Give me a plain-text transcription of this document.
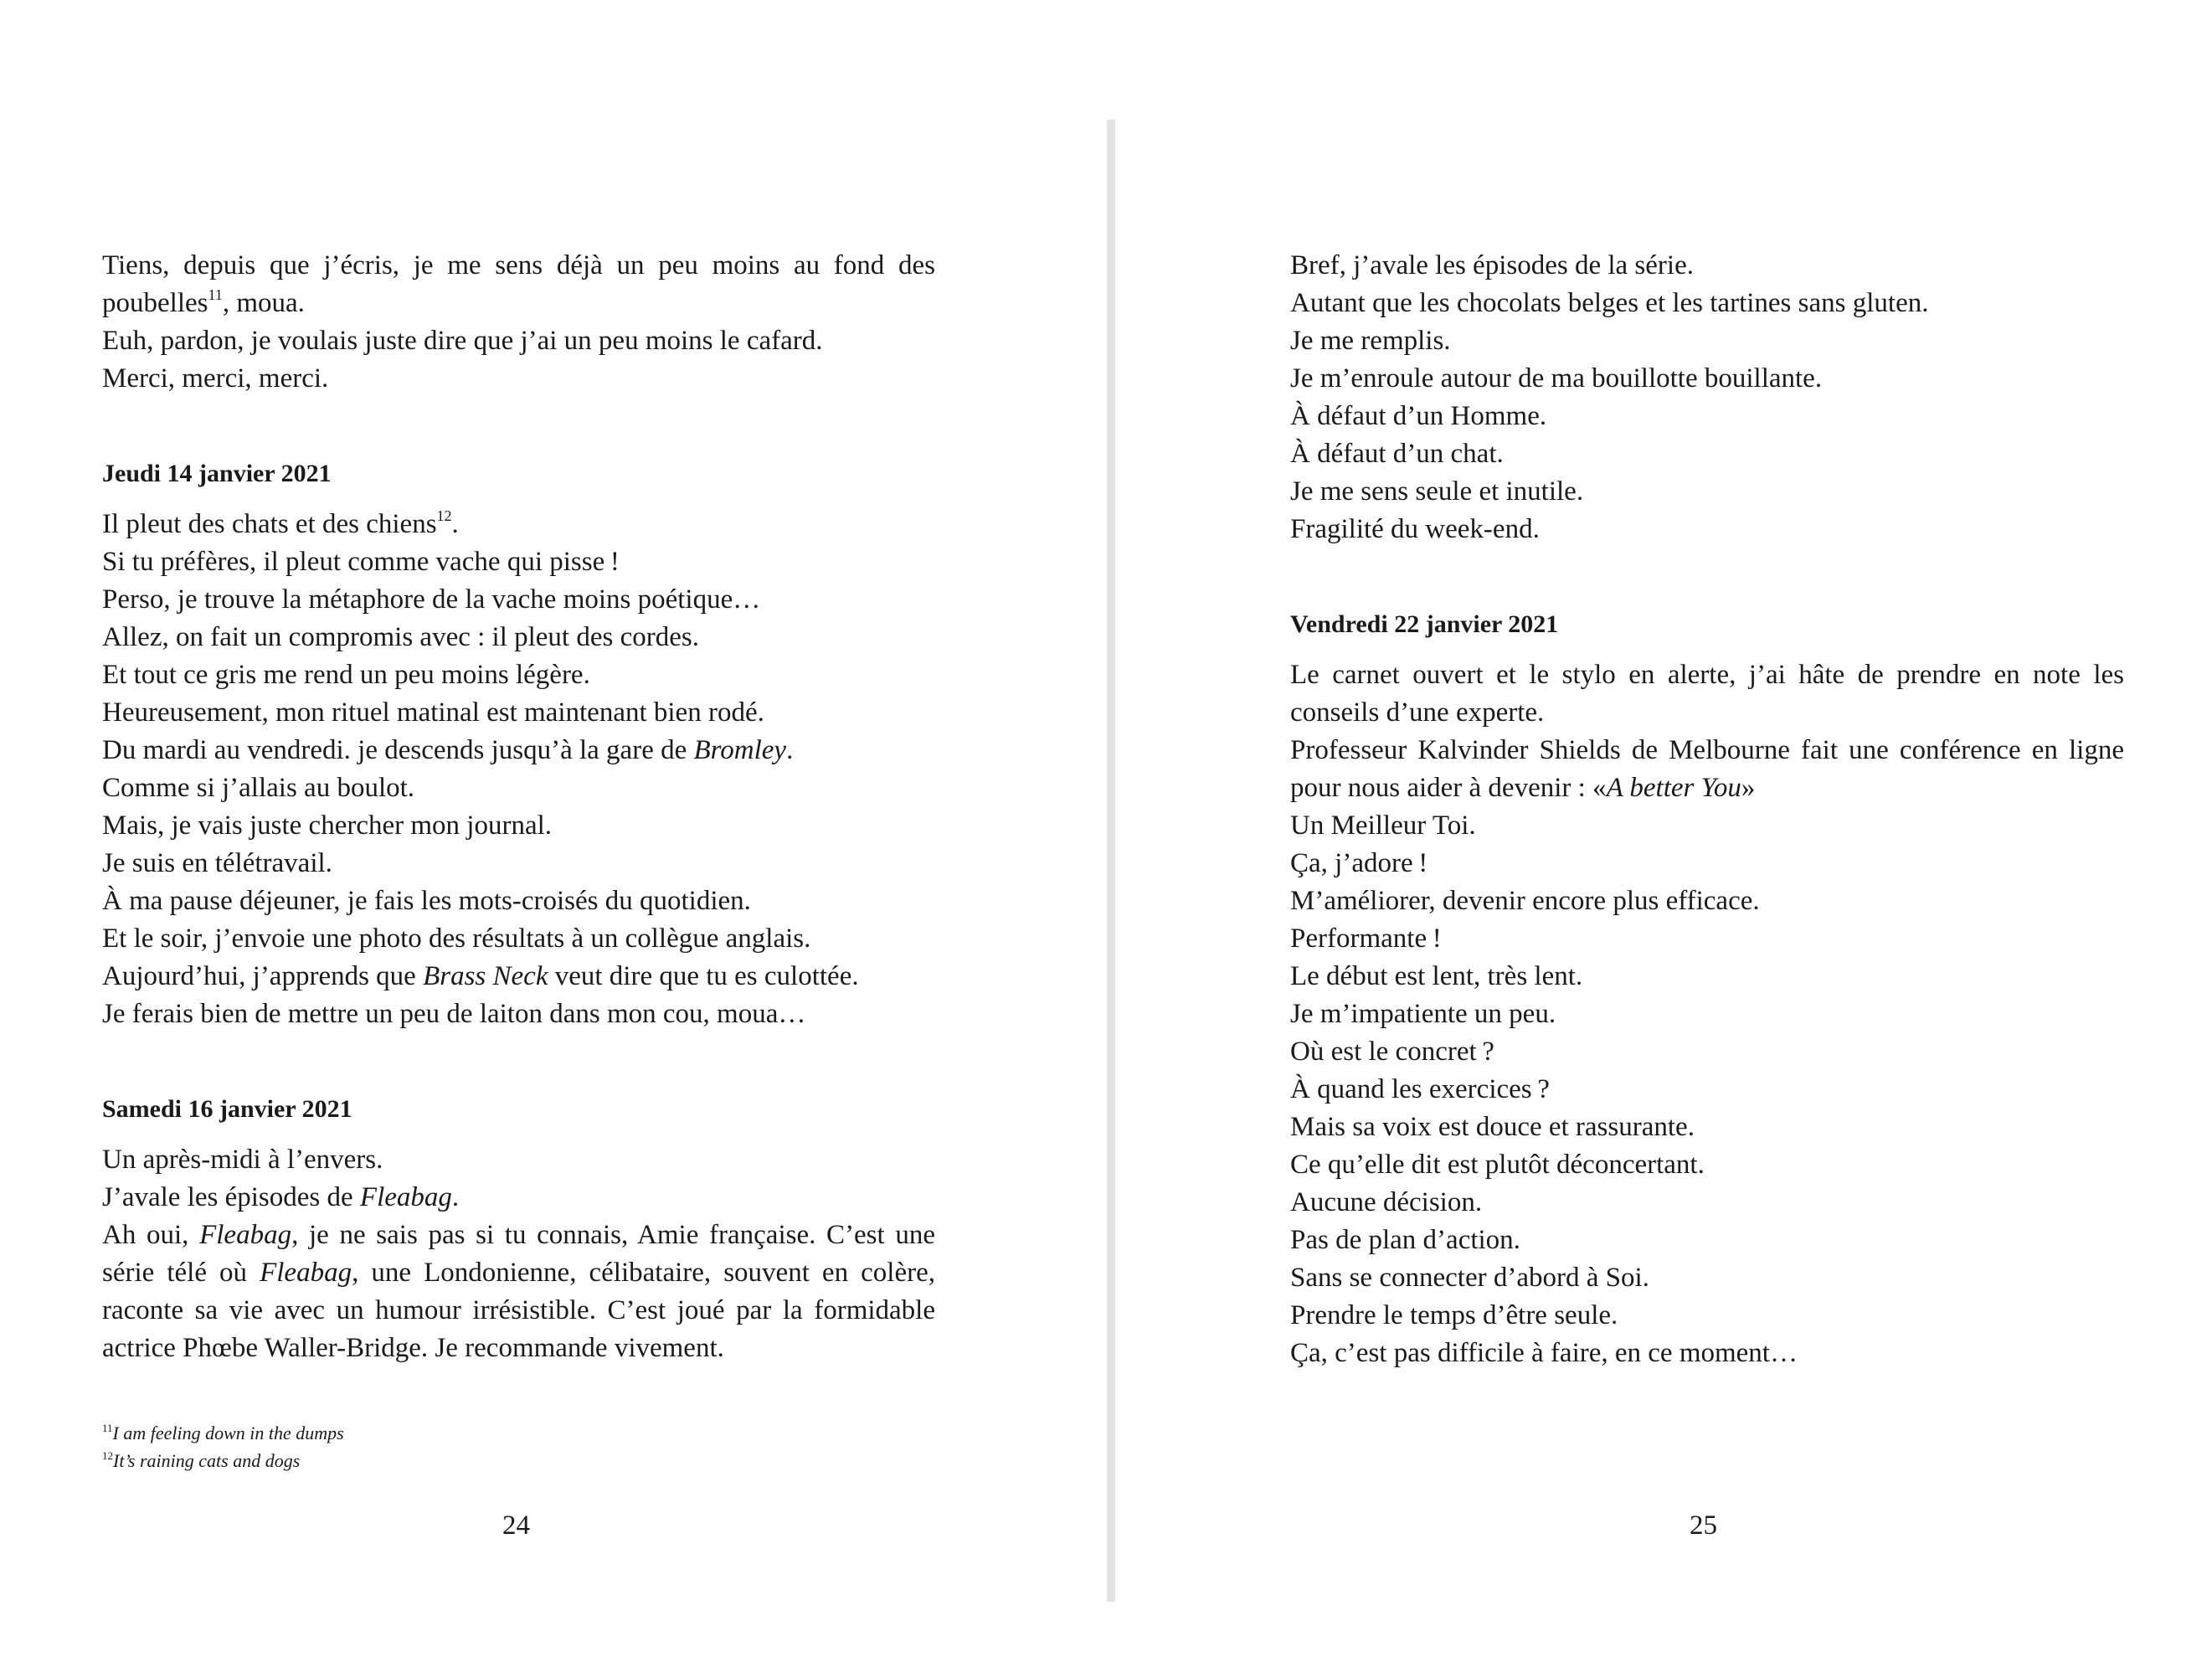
Tiens, depuis que j’écris, je me sens déjà un peu moins au fond des

poubelles$^{11}$, moua.

Euh, pardon, je voulais juste dire que j’ai un peu moins le cafard.

Merci, merci, merci.

Jeudi 14 janvier 2021

Il pleut des chats et des chiens$^{12}$.

Si tu préfères, il pleut comme vache qui pisse !

Perso, je trouve la métaphore de la vache moins poétique…

Allez, on fait un compromis avec : il pleut des cordes.

Et tout ce gris me rend un peu moins légère.

Heureusement, mon rituel matinal est maintenant bien rodé.

Du mardi au vendredi. je descends jusqu’à la gare de Bromley.

Comme si j’allais au boulot.

Mais, je vais juste chercher mon journal.

Je suis en télétravail.

À ma pause déjeuner, je fais les mots-croisés du quotidien.

Et le soir, j’envoie une photo des résultats à un collègue anglais.

Aujourd’hui, j’apprends que Brass Neck veut dire que tu es culottée.

Je ferais bien de mettre un peu de laiton dans mon cou, moua…

Samedi 16 janvier 2021

Un après-midi à l’envers.

J’avale les épisodes de Fleabag.

Ah oui, Fleabag, je ne sais pas si tu connais, Amie française. C’est une

série télé où Fleabag, une Londonienne, célibataire, souvent en colère,

raconte sa vie avec un humour irrésistible. C’est joué par la formidable

actrice Phœbe Waller-Bridge. Je recommande vivement.

$^{11}$I am feeling down in the dumps
$^{12}$It’s raining cats and dogs
24

Bref, j’avale les épisodes de la série.

Autant que les chocolats belges et les tartines sans gluten.

Je me remplis.

Je m’enroule autour de ma bouillotte bouillante.

À défaut d’un Homme.

À défaut d’un chat.

Je me sens seule et inutile.

Fragilité du week-end.

Vendredi 22 janvier 2021

Le carnet ouvert et le stylo en alerte, j’ai hâte de prendre en note les

conseils d’une experte.

Professeur Kalvinder Shields de Melbourne fait une conférence en ligne

pour nous aider à devenir : «A better You»

Un Meilleur Toi.

Ça, j’adore !

M’améliorer, devenir encore plus efficace.

Performante !

Le début est lent, très lent.

Je m’impatiente un peu.

Où est le concret ?

À quand les exercices ?

Mais sa voix est douce et rassurante.

Ce qu’elle dit est plutôt déconcertant.

Aucune décision.

Pas de plan d’action.

Sans se connecter d’abord à Soi.

Prendre le temps d’être seule.

Ça, c’est pas difficile à faire, en ce moment…

25
